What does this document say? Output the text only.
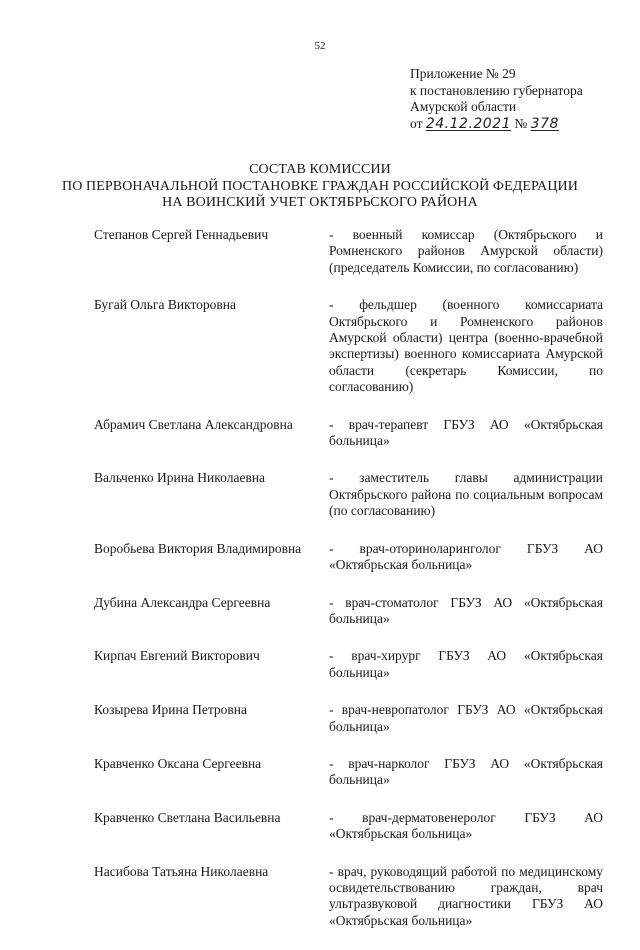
52
Приложение № 29
к постановлению губернатора
Амурской области
от 24.12.2021 № 378
СОСТАВ КОМИССИИ
ПО ПЕРВОНАЧАЛЬНОЙ ПОСТАНОВКЕ ГРАЖДАН РОССИЙСКОЙ ФЕДЕРАЦИИ
НА ВОИНСКИЙ УЧЕТ ОКТЯБРЬСКОГО РАЙОНА
Степанов Сергей Геннадьевич	- военный комиссар (Октябрьского и Ромненского районов Амурской области) (председатель Комиссии, по согласованию)
Бугай Ольга Викторовна	- фельдшер (военного комиссариата Октябрьского и Ромненского районов Амурской области) центра (военно-врачебной экспертизы) военного комиссариата Амурской области (секретарь Комиссии, по согласованию)
Абрамич Светлана Александровна	- врач-терапевт ГБУЗ АО «Октябрьская больница»
Вальченко Ирина Николаевна	- заместитель главы администрации Октябрьского района по социальным вопросам (по согласованию)
Воробьева Виктория Владимировна	- врач-оториноларинголог ГБУЗ АО «Октябрьская больница»
Дубина Александра Сергеевна	- врач-стоматолог ГБУЗ АО «Октябрьская больница»
Кирпач Евгений Викторович	- врач-хирург ГБУЗ АО «Октябрьская больница»
Козырева Ирина Петровна	- врач-невропатолог ГБУЗ АО «Октябрьская больница»
Кравченко Оксана Сергеевна	- врач-нарколог ГБУЗ АО «Октябрьская больница»
Кравченко Светлана Васильевна	- врач-дерматовенеролог ГБУЗ АО «Октябрьская больница»
Насибова Татьяна Николаевна	- врач, руководящий работой по медицинскому освидетельствованию граждан, врач ультразвуковой диагностики ГБУЗ АО «Октябрьская больница»
